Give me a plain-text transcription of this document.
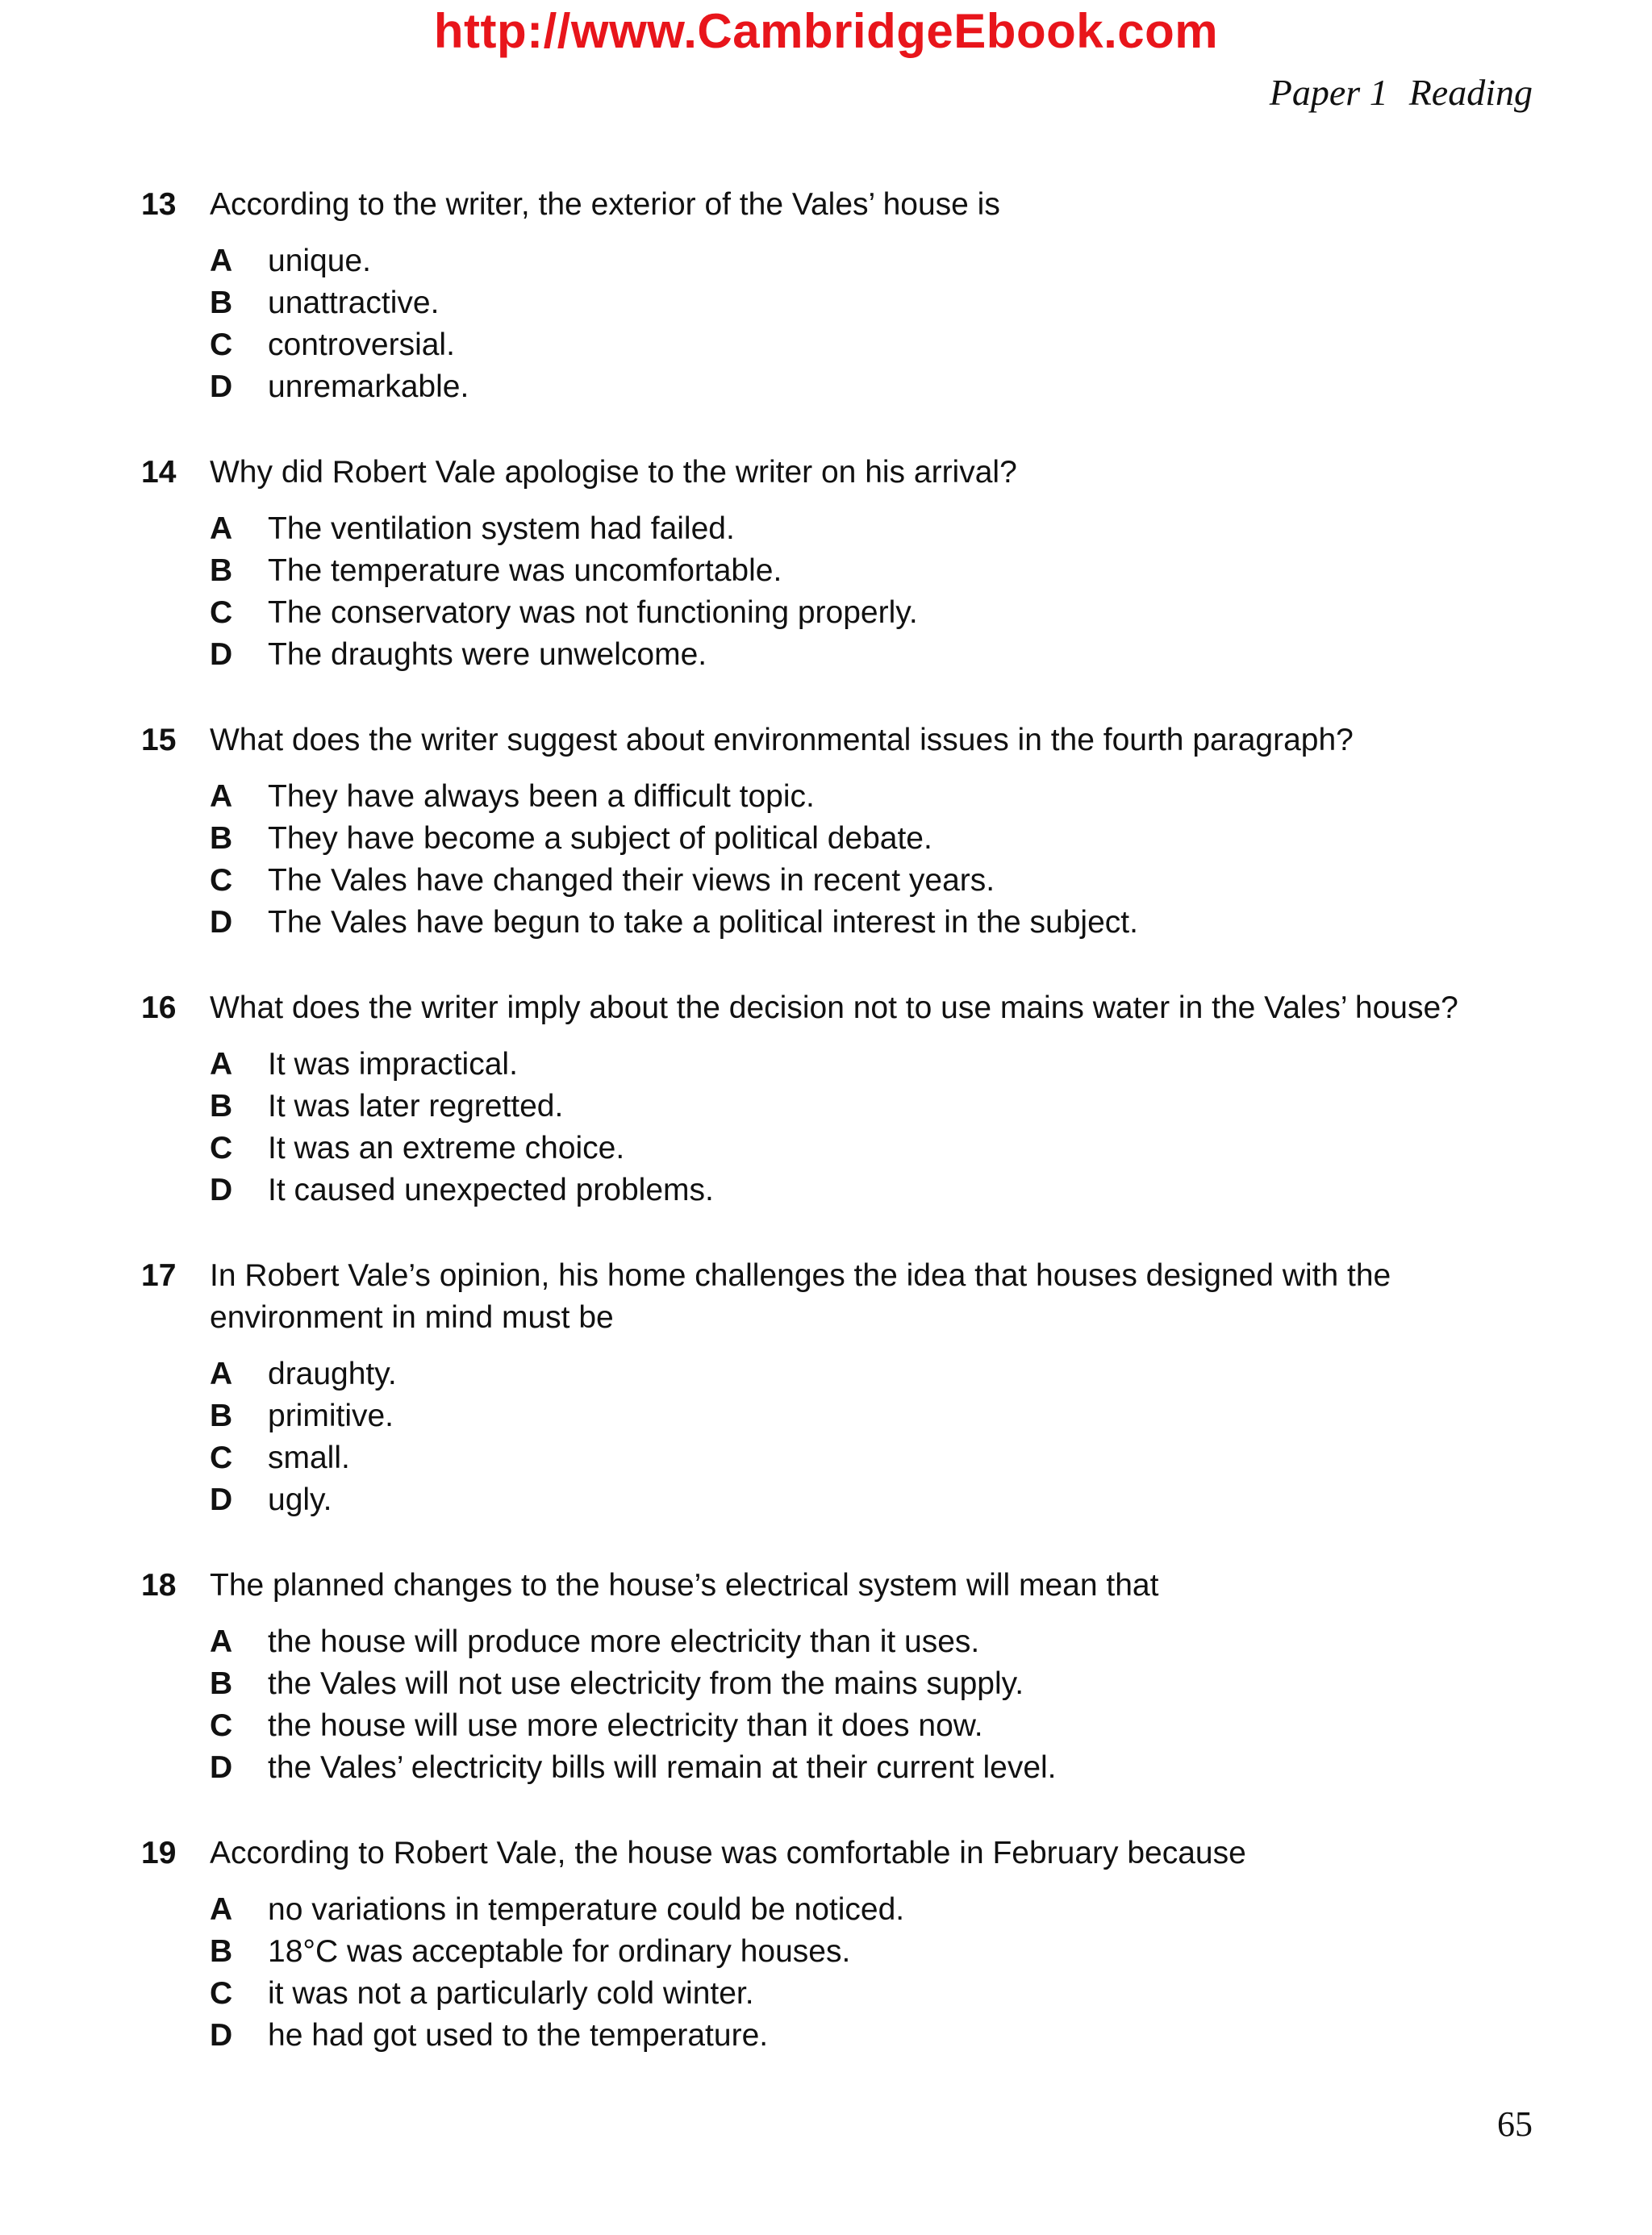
http://www.CambridgeEbook.com
Paper 1 Reading
13	According to the writer, the exterior of the Vales’ house is
A	unique.
B	unattractive.
C	controversial.
D	unremarkable.
14	Why did Robert Vale apologise to the writer on his arrival?
A	The ventilation system had failed.
B	The temperature was uncomfortable.
C	The conservatory was not functioning properly.
D	The draughts were unwelcome.
15	What does the writer suggest about environmental issues in the fourth paragraph?
A	They have always been a difficult topic.
B	They have become a subject of political debate.
C	The Vales have changed their views in recent years.
D	The Vales have begun to take a political interest in the subject.
16	What does the writer imply about the decision not to use mains water in the Vales’ house?
A	It was impractical.
B	It was later regretted.
C	It was an extreme choice.
D	It caused unexpected problems.
17	In Robert Vale’s opinion, his home challenges the idea that houses designed with the environment in mind must be
A	draughty.
B	primitive.
C	small.
D	ugly.
18	The planned changes to the house’s electrical system will mean that
A	the house will produce more electricity than it uses.
B	the Vales will not use electricity from the mains supply.
C	the house will use more electricity than it does now.
D	the Vales’ electricity bills will remain at their current level.
19	According to Robert Vale, the house was comfortable in February because
A	no variations in temperature could be noticed.
B	18°C was acceptable for ordinary houses.
C	it was not a particularly cold winter.
D	he had got used to the temperature.
65
